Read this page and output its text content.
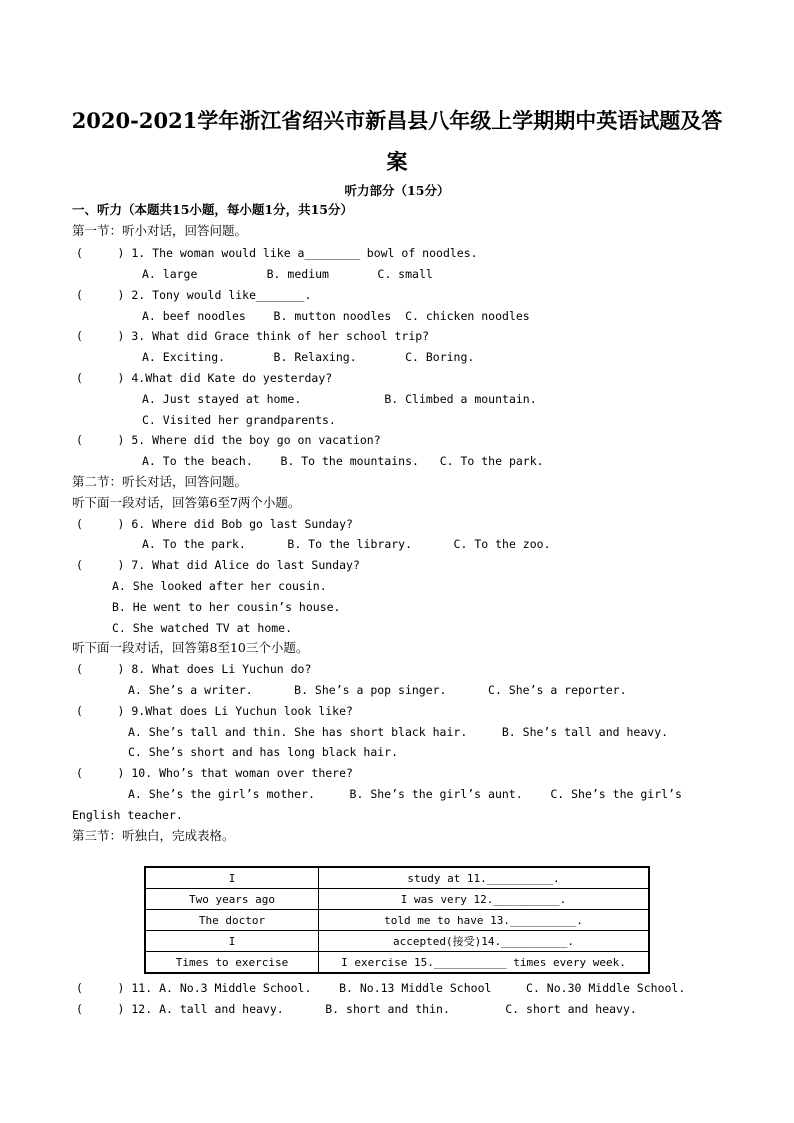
2020-2021学年浙江省绍兴市新昌县八年级上学期期中英语试题及答
案
听力部分（15分）
一、听力（本题共15小题，每小题1分，共15分）
第一节：听小对话，回答问题。
(     ) 1. The woman would like a________ bowl of noodles.
A. large          B. medium       C. small
(     ) 2. Tony would like_______.
A. beef noodles    B. mutton noodles  C. chicken noodles
(     ) 3. What did Grace think of her school trip?
A. Exciting.       B. Relaxing.       C. Boring.
(     ) 4.What did Kate do yesterday?
A. Just stayed at home.            B. Climbed a mountain.
C. Visited her grandparents.
(     ) 5. Where did the boy go on vacation?
A. To the beach.    B. To the mountains.   C. To the park.
第二节：听长对话，回答问题。
听下面一段对话，回答第6至7两个小题。
(     ) 6. Where did Bob go last Sunday?
A. To the park.      B. To the library.      C. To the zoo.
(     ) 7. What did Alice do last Sunday?
A. She looked after her cousin.
B. He went to her cousin’s house.
C. She watched TV at home.
听下面一段对话，回答第8至10三个小题。
(     ) 8. What does Li Yuchun do?
A. She’s a writer.      B. She’s a pop singer.      C. She’s a reporter.
(     ) 9.What does Li Yuchun look like?
A. She’s tall and thin. She has short black hair.     B. She’s tall and heavy.
C. She’s short and has long black hair.
(     ) 10. Who’s that woman over there?
A. She’s the girl’s mother.     B. She’s the girl’s aunt.    C. She’s the girl’s
English teacher.
第三节：听独白，完成表格。
I	study at 11.__________.
Two years ago	I was very 12.__________.
The doctor	told me to have 13.__________.
I	accepted(接受)14.__________.
Times to exercise	I exercise 15.___________ times every week.
(     ) 11. A. No.3 Middle School.    B. No.13 Middle School     C. No.30 Middle School.
(     ) 12. A. tall and heavy.      B. short and thin.        C. short and heavy.
